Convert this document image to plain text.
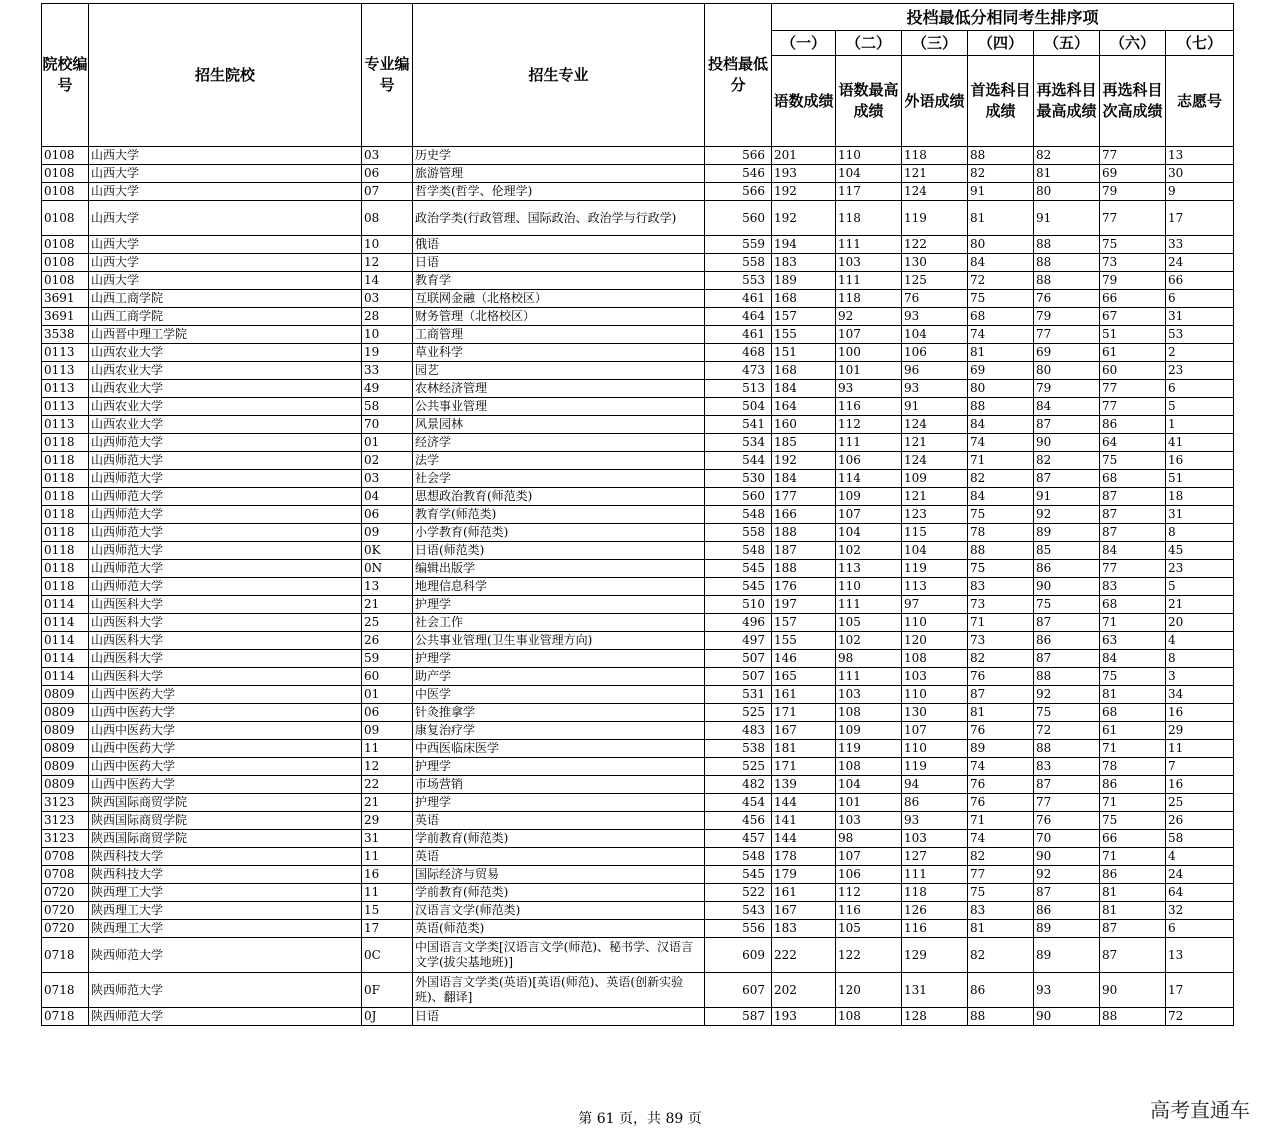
院校编号	招生院校	专业编号	招生专业	投档最低分	投档最低分相同考生排序项						
					（一）	（二）	（三）	（四）	（五）	（六）	（七）
					语数成绩	语数最高成绩	外语成绩	首选科目成绩	再选科目最高成绩	再选科目次高成绩	志愿号
0108	山西大学	03	历史学	566	201	110	118	88	82	77	13
0108	山西大学	06	旅游管理	546	193	104	121	82	81	69	30
0108	山西大学	07	哲学类(哲学、伦理学)	566	192	117	124	91	80	79	9
0108	山西大学	08	政治学类(行政管理、国际政治、政治学与行政学)	560	192	118	119	81	91	77	17
0108	山西大学	10	俄语	559	194	111	122	80	88	75	33
0108	山西大学	12	日语	558	183	103	130	84	88	73	24
0108	山西大学	14	教育学	553	189	111	125	72	88	79	66
3691	山西工商学院	03	互联网金融（北格校区）	461	168	118	76	75	76	66	6
3691	山西工商学院	28	财务管理（北格校区）	464	157	92	93	68	79	67	31
3538	山西晋中理工学院	10	工商管理	461	155	107	104	74	77	51	53
0113	山西农业大学	19	草业科学	468	151	100	106	81	69	61	2
0113	山西农业大学	33	园艺	473	168	101	96	69	80	60	23
0113	山西农业大学	49	农林经济管理	513	184	93	93	80	79	77	6
0113	山西农业大学	58	公共事业管理	504	164	116	91	88	84	77	5
0113	山西农业大学	70	风景园林	541	160	112	124	84	87	86	1
0118	山西师范大学	01	经济学	534	185	111	121	74	90	64	41
0118	山西师范大学	02	法学	544	192	106	124	71	82	75	16
0118	山西师范大学	03	社会学	530	184	114	109	82	87	68	51
0118	山西师范大学	04	思想政治教育(师范类)	560	177	109	121	84	91	87	18
0118	山西师范大学	06	教育学(师范类)	548	166	107	123	75	92	87	31
0118	山西师范大学	09	小学教育(师范类)	558	188	104	115	78	89	87	8
0118	山西师范大学	0K	日语(师范类)	548	187	102	104	88	85	84	45
0118	山西师范大学	0N	编辑出版学	545	188	113	119	75	86	77	23
0118	山西师范大学	13	地理信息科学	545	176	110	113	83	90	83	5
0114	山西医科大学	21	护理学	510	197	111	97	73	75	68	21
0114	山西医科大学	25	社会工作	496	157	105	110	71	87	71	20
0114	山西医科大学	26	公共事业管理(卫生事业管理方向)	497	155	102	120	73	86	63	4
0114	山西医科大学	59	护理学	507	146	98	108	82	87	84	8
0114	山西医科大学	60	助产学	507	165	111	103	76	88	75	3
0809	山西中医药大学	01	中医学	531	161	103	110	87	92	81	34
0809	山西中医药大学	06	针灸推拿学	525	171	108	130	81	75	68	16
0809	山西中医药大学	09	康复治疗学	483	167	109	107	76	72	61	29
0809	山西中医药大学	11	中西医临床医学	538	181	119	110	89	88	71	11
0809	山西中医药大学	12	护理学	525	171	108	119	74	83	78	7
0809	山西中医药大学	22	市场营销	482	139	104	94	76	87	86	16
3123	陕西国际商贸学院	21	护理学	454	144	101	86	76	77	71	25
3123	陕西国际商贸学院	29	英语	456	141	103	93	71	76	75	26
3123	陕西国际商贸学院	31	学前教育(师范类)	457	144	98	103	74	70	66	58
0708	陕西科技大学	11	英语	548	178	107	127	82	90	71	4
0708	陕西科技大学	16	国际经济与贸易	545	179	106	111	77	92	86	24
0720	陕西理工大学	11	学前教育(师范类)	522	161	112	118	75	87	81	64
0720	陕西理工大学	15	汉语言文学(师范类)	543	167	116	126	83	86	81	32
0720	陕西理工大学	17	英语(师范类)	556	183	105	116	81	89	87	6
0718	陕西师范大学	0C	中国语言文学类[汉语言文学(师范)、秘书学、汉语言文学(拔尖基地班)]	609	222	122	129	82	89	87	13
0718	陕西师范大学	0F	外国语言文学类(英语)[英语(师范)、英语(创新实验班)、翻译]	607	202	120	131	86	93	90	17
0718	陕西师范大学	0J	日语	587	193	108	128	88	90	88	72
第 61 页，共 89 页	高考直通车
